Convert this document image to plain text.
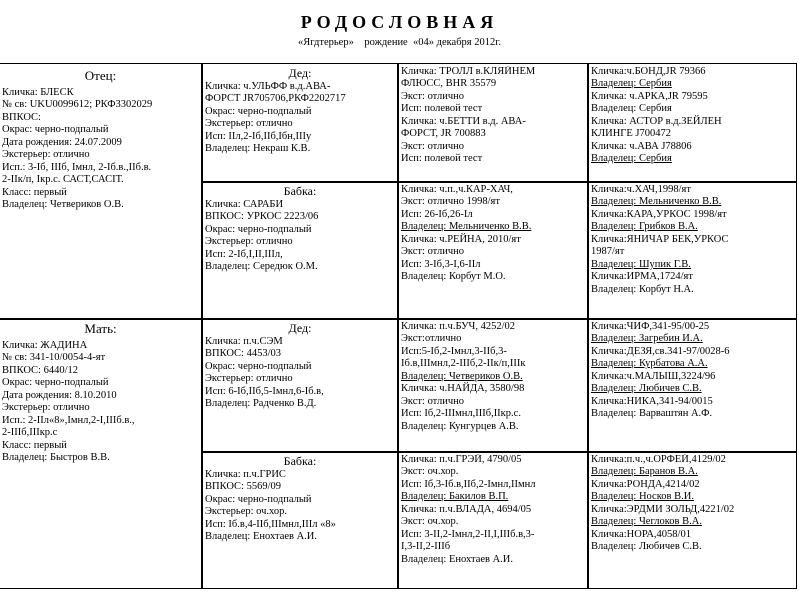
РОДОСЛОВНАЯ
«Ягдтерьер»    рождение  «04» декабря 2012г.
Отец:
Кличка: БЛЕСК
№ св: UKU0099612; РКФ3302029
ВПКОС:
Окрас: черно-подпалый
Дата рождения: 24.07.2009
Экстерьер: отлично
Исп.: 3-Iб, IIIб, Iмнл, 2-Iб.в.,IIб.в.
2-IIк/п, Iкр.с. САСТ,САСIТ.
Класс: первый
Владелец: Четвериков О.В.
Мать:
Кличка: ЖАДИНА
№ св: 341-10/0054-4-ят
ВПКОС: 6440/12
Окрас: черно-подпалый
Дата рождения: 8.10.2010
Экстерьер: отлично
Исп.: 2-IIл«8»,Iмнл,2-I,IIIб.в.,
2-IIIб,IIIкр.с
Класс: первый
Владелец: Быстров В.В.
Дед:
Кличка: ч.УЛЬФФ в.д.АВА-
ФОРСТ JR705706,РКФ2202717
Окрас: черно-подпалый
Экстерьер: отлично
Исп: IIл,2-Iб,IIб,Iбн,IIIу
Владелец: Некраш К.В.
Бабка:
Кличка: САРАБИ
ВПКОС: УРКОС 2223/06
Окрас: черно-подпалый
Экстерьер: отлично
Исп: 2-Iб,I,II,IIIл,
Владелец: Середюк О.М.
Дед:
Кличка: п.ч.СЭМ
ВПКОС: 4453/03
Окрас: черно-подпалый
Экстерьер: отлично
Исп: 6-Iб,IIб,5-Iмнл,6-Iб.в,
Владелец: Радченко В.Д.
Бабка:
Кличка: п.ч.ГРИС
ВПКОС: 5569/09
Окрас: черно-подпалый
Экстерьер: оч.хор.
Исп: Iб.в,4-IIб,IIIмнл,IIIл «8»
Владелец: Енохтаев А.И.
Кличка: ТРОЛЛ в.КЛЯЙНЕМ
ФЛЮСС, BHR 35579
Экст: отлично
Исп: полевой тест
Кличка: ч.БЕТТИ в.д. АВА-
ФОРСТ, JR 700883
Экст: отлично
Исп: полевой тест
Кличка: ч.п.,ч.КАР-ХАЧ,
Экст: отлично 1998/ят
Исп: 26-Iб,26-Iл
Владелец: Мельниченко В.В.
Кличка: ч.РЕЙНА, 2010/ят
Экст: отлично
Исп: 3-Iб,3-I,6-IIл
Владелец: Корбут М.О.
Кличка: п.ч.БУЧ, 4252/02
Экст:отлично
Исп:5-Iб,2-Iмнл,3-IIб,3-
Iб.в,IIIмнл,2-IIIб,2-IIк/п,IIIк
Владелец: Четвериков О.В.
Кличка: ч.НАЙДА, 3580/98
Экст: отлично
Исп: Iб,2-IIIмнл,IIIб,IIкр.с.
Владелец: Кунгурцев А.В.
Кличка: п.ч.ГРЭЙ, 4790/05
Экст: оч.хор.
Исп: Iб,3-Iб.в,IIб,2-Iмнл,IIмнл
Владелец: Бакилов В.П.
Кличка: п.ч.ВЛАДА, 4694/05
Экст: оч.хор.
Исп: 3-II,2-Iмнл,2-II,I,IIIб.в,3-
I,3-II,2-IIIб
Владелец: Енохтаев А.И.
Кличка:ч.БОНД,JR 79366
Владелец: Сербия
Кличка: ч.АРКА,JR 79595
Владелец: Сербия
Кличка: АСТОР в.д.ЗЕЙЛЕН
КЛИНГЕ J700472
Кличка: ч.АВА J78806
Владелец: Сербия
Кличка:ч.ХАЧ,1998/ят
Владелец: Мельниченко В.В.
Кличка:КАРА,УРКОС 1998/ят
Владелец: Грибков В.А.
Кличка:ЯНИЧАР БЕК,УРКОС
1987/ят
Владелец: Шупик Г.В.
Кличка:ИРМА,1724/ят
Владелец: Корбут Н.А.
Кличка:ЧИФ,341-95/00-25
Владелец: Загребин И.А.
Кличка:ДЕЗЯ,св.341-97/0028-6
Владелец: Курбатова А.А.
Кличка:ч.МАЛЫШ,3224/96
Владелец: Любичев С.В.
Кличка:НИКА,341-94/0015
Владелец: Варваштян А.Ф.
Кличка:п.ч.,ч.ОРФЕЙ,4129/02
Владелец: Баранов В.А.
Кличка:РОНДА,4214/02
Владелец: Носков В.И.
Кличка:ЭРДМИ ЗОЛЬД,4221/02
Владелец: Чеглоков В.А.
Кличка:НОРА,4058/01
Владелец: Любичев С.В.
